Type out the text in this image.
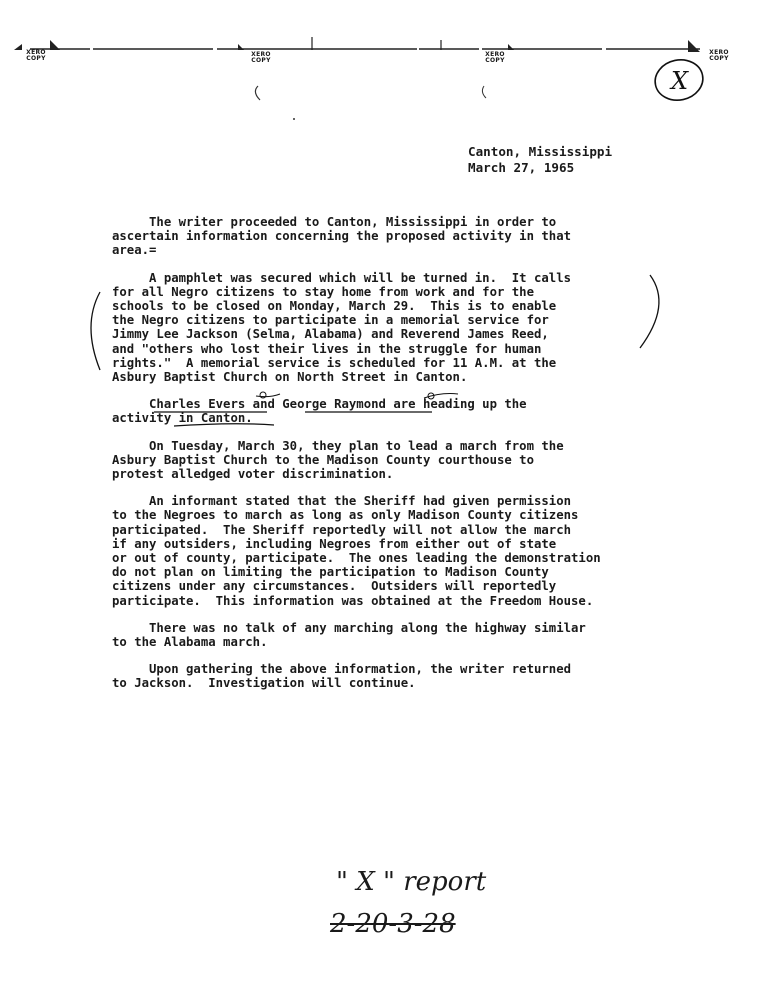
XERO COPY
XERO COPY
XERO COPY
XERO COPY
X
Canton, Mississippi
March 27, 1965

The writer proceeded to Canton, Mississippi in order to
ascertain information concerning the proposed activity in that
area.=

A pamphlet was secured which will be turned in.  It calls
for all Negro citizens to stay home from work and for the
schools to be closed on Monday, March 29.  This is to enable
the Negro citizens to participate in a memorial service for
Jimmy Lee Jackson (Selma, Alabama) and Reverend James Reed,
and "others who lost their lives in the struggle for human
rights."  A memorial service is scheduled for 11 A.M. at the
Asbury Baptist Church on North Street in Canton.

Charles Evers and George Raymond are heading up the
activity in Canton.

On Tuesday, March 30, they plan to lead a march from the
Asbury Baptist Church to the Madison County courthouse to
protest alledged voter discrimination.

An informant stated that the Sheriff had given permission
to the Negroes to march as long as only Madison County citizens
participated.  The Sheriff reportedly will not allow the march
if any outsiders, including Negroes from either out of state
or out of county, participate.  The ones leading the demonstration
do not plan on limiting the participation to Madison County
citizens under any circumstances.  Outsiders will reportedly
participate.  This information was obtained at the Freedom House.

There was no talk of any marching along the highway similar
to the Alabama march.

Upon gathering the above information, the writer returned
to Jackson.  Investigation will continue.

" X " report
2-20-3-28
